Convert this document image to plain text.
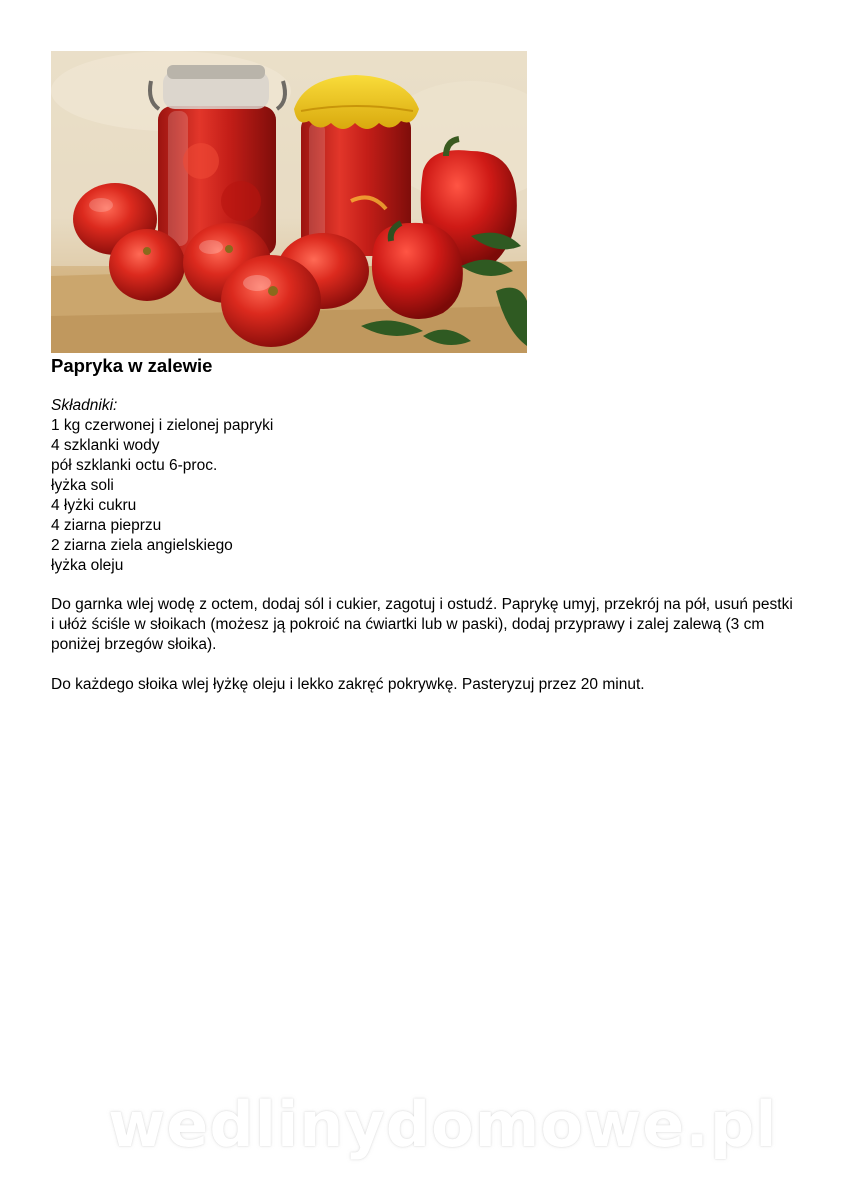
Papryka w zalewie
Składniki:
1 kg czerwonej i zielonej papryki
4 szklanki wody
pół szklanki octu 6-proc.
łyżka soli
4 łyżki cukru
4 ziarna pieprzu
2 ziarna ziela angielskiego
łyżka oleju

Do garnka wlej wodę z octem, dodaj sól i cukier, zagotuj i ostudź. Paprykę umyj, przekrój na pół, usuń pestki i ułóż ściśle w słoikach (możesz ją pokroić na ćwiartki lub w paski), dodaj przyprawy i zalej zalewą (3 cm poniżej brzegów słoika).

Do każdego słoika wlej łyżkę oleju i lekko zakręć pokrywkę. Pasteryzuj przez 20 minut.

wedlinydomowe.pl
